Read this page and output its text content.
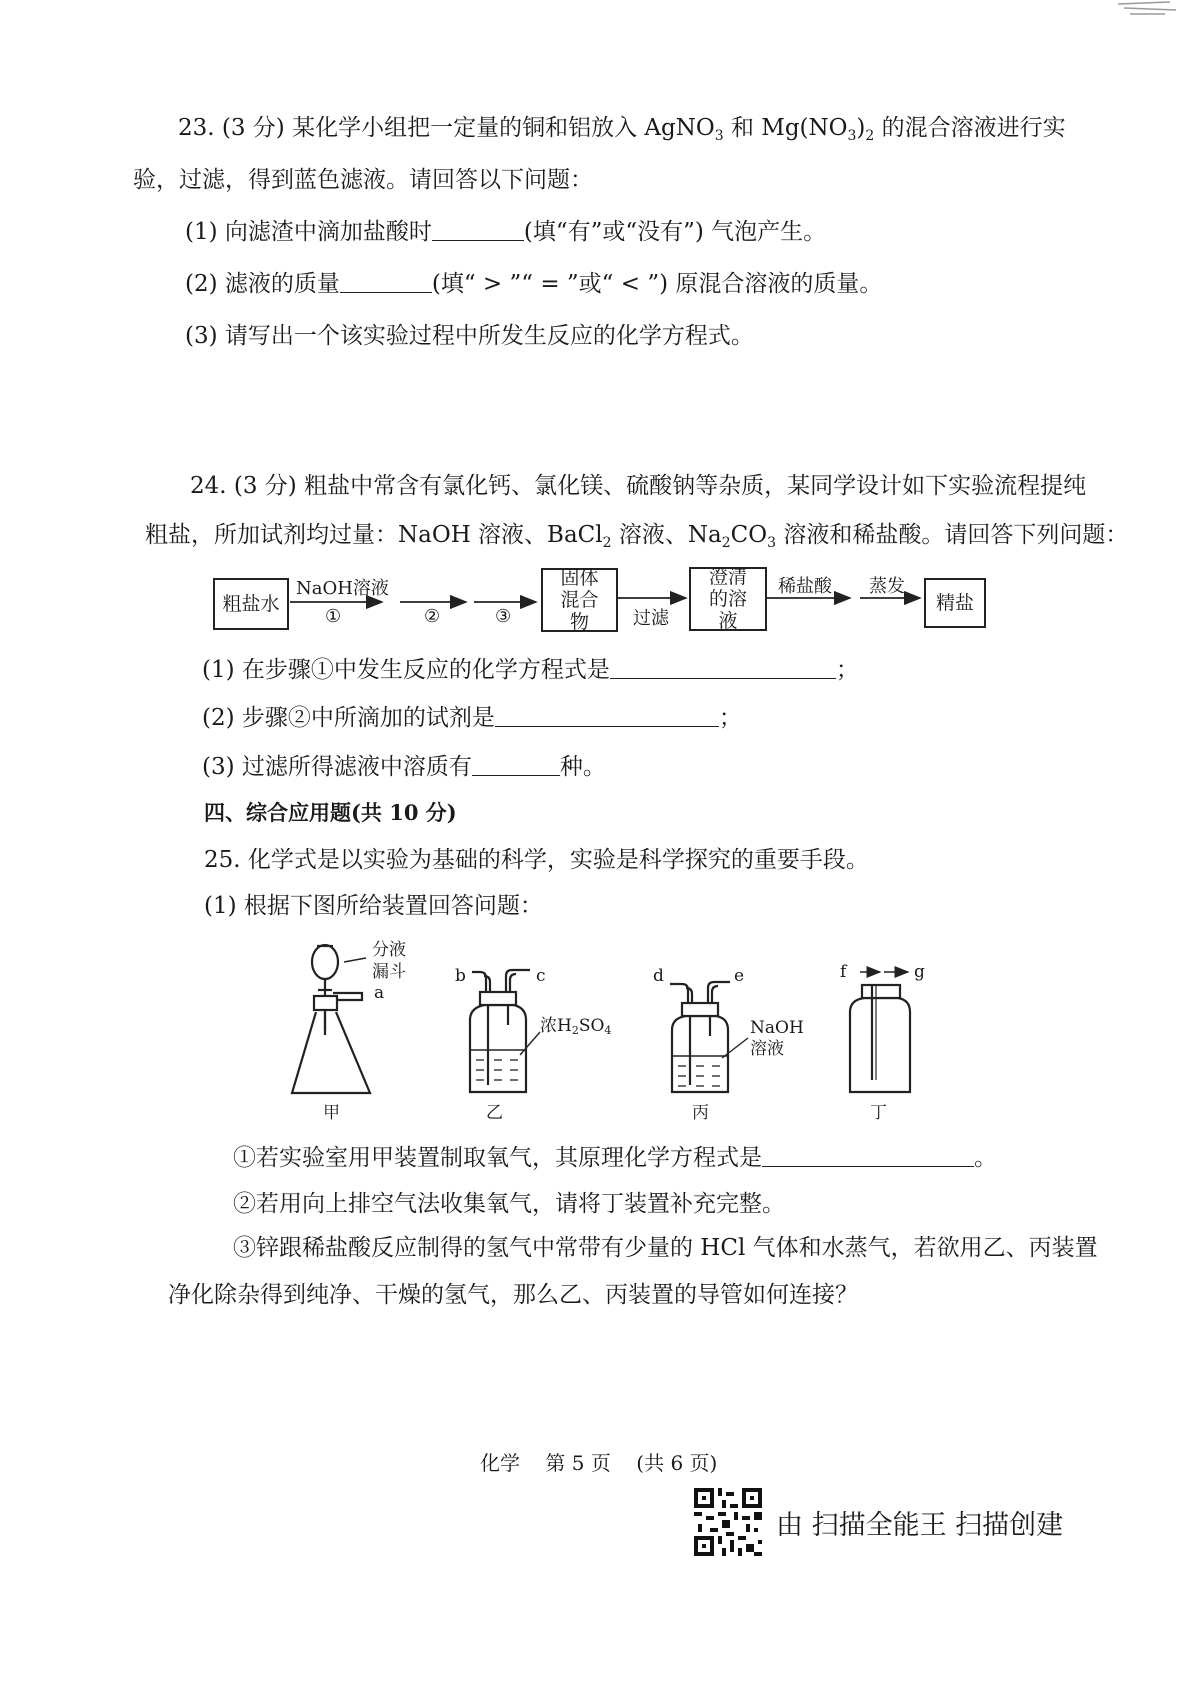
23. (3 分) 某化学小组把一定量的铜和铝放入 AgNO$_3$ 和 $Mg(NO_3)_2$ 的混合溶液进行实
验，过滤，得到蓝色滤液。请回答以下问题：
(1) 向滤渣中滴加盐酸时	(填“有”或“没有”) 气泡产生。
(2) 滤液的质量	(填“ > ”“ = ”或“ < ”) 原混合溶液的质量。
(3) 请写出一个该实验过程中所发生反应的化学方程式。
24. (3 分) 粗盐中常含有氯化钙、氯化镁、硫酸钠等杂质，某同学设计如下实验流程提纯
粗盐，所加试剂均过量：NaOH 溶液、BaCl$_2$ 溶液、$Na_2CO_3$ 溶液和稀盐酸。请回答下列问题：
粗盐水
固体混合物
澄清的溶液
精盐
NaOH溶液
①	②	③	过滤
稀盐酸 蒸发
(1) 在步骤①中发生反应的化学方程式是	；
(2) 步骤②中所滴加的试剂是	；
(3) 过滤所得滤液中溶质有	种。
四、综合应用题(共 10 分)
25. 化学式是以实验为基础的科学，实验是科学探究的重要手段。
(1) 根据下图所给装置回答问题：
分液
漏斗
a
甲
b	c
浓$H_2SO_4$
乙
d	e
NaOH
溶液
丙
f	g
丁
①若实验室用甲装置制取氧气，其原理化学方程式是	。
②若用向上排空气法收集氧气，请将丁装置补充完整。
③锌跟稀盐酸反应制得的氢气中常带有少量的 HCl 气体和水蒸气，若欲用乙、丙装置
净化除杂得到纯净、干燥的氢气，那么乙、丙装置的导管如何连接？
化学    第 5 页    (共 6 页)
由 扫描全能王 扫描创建
